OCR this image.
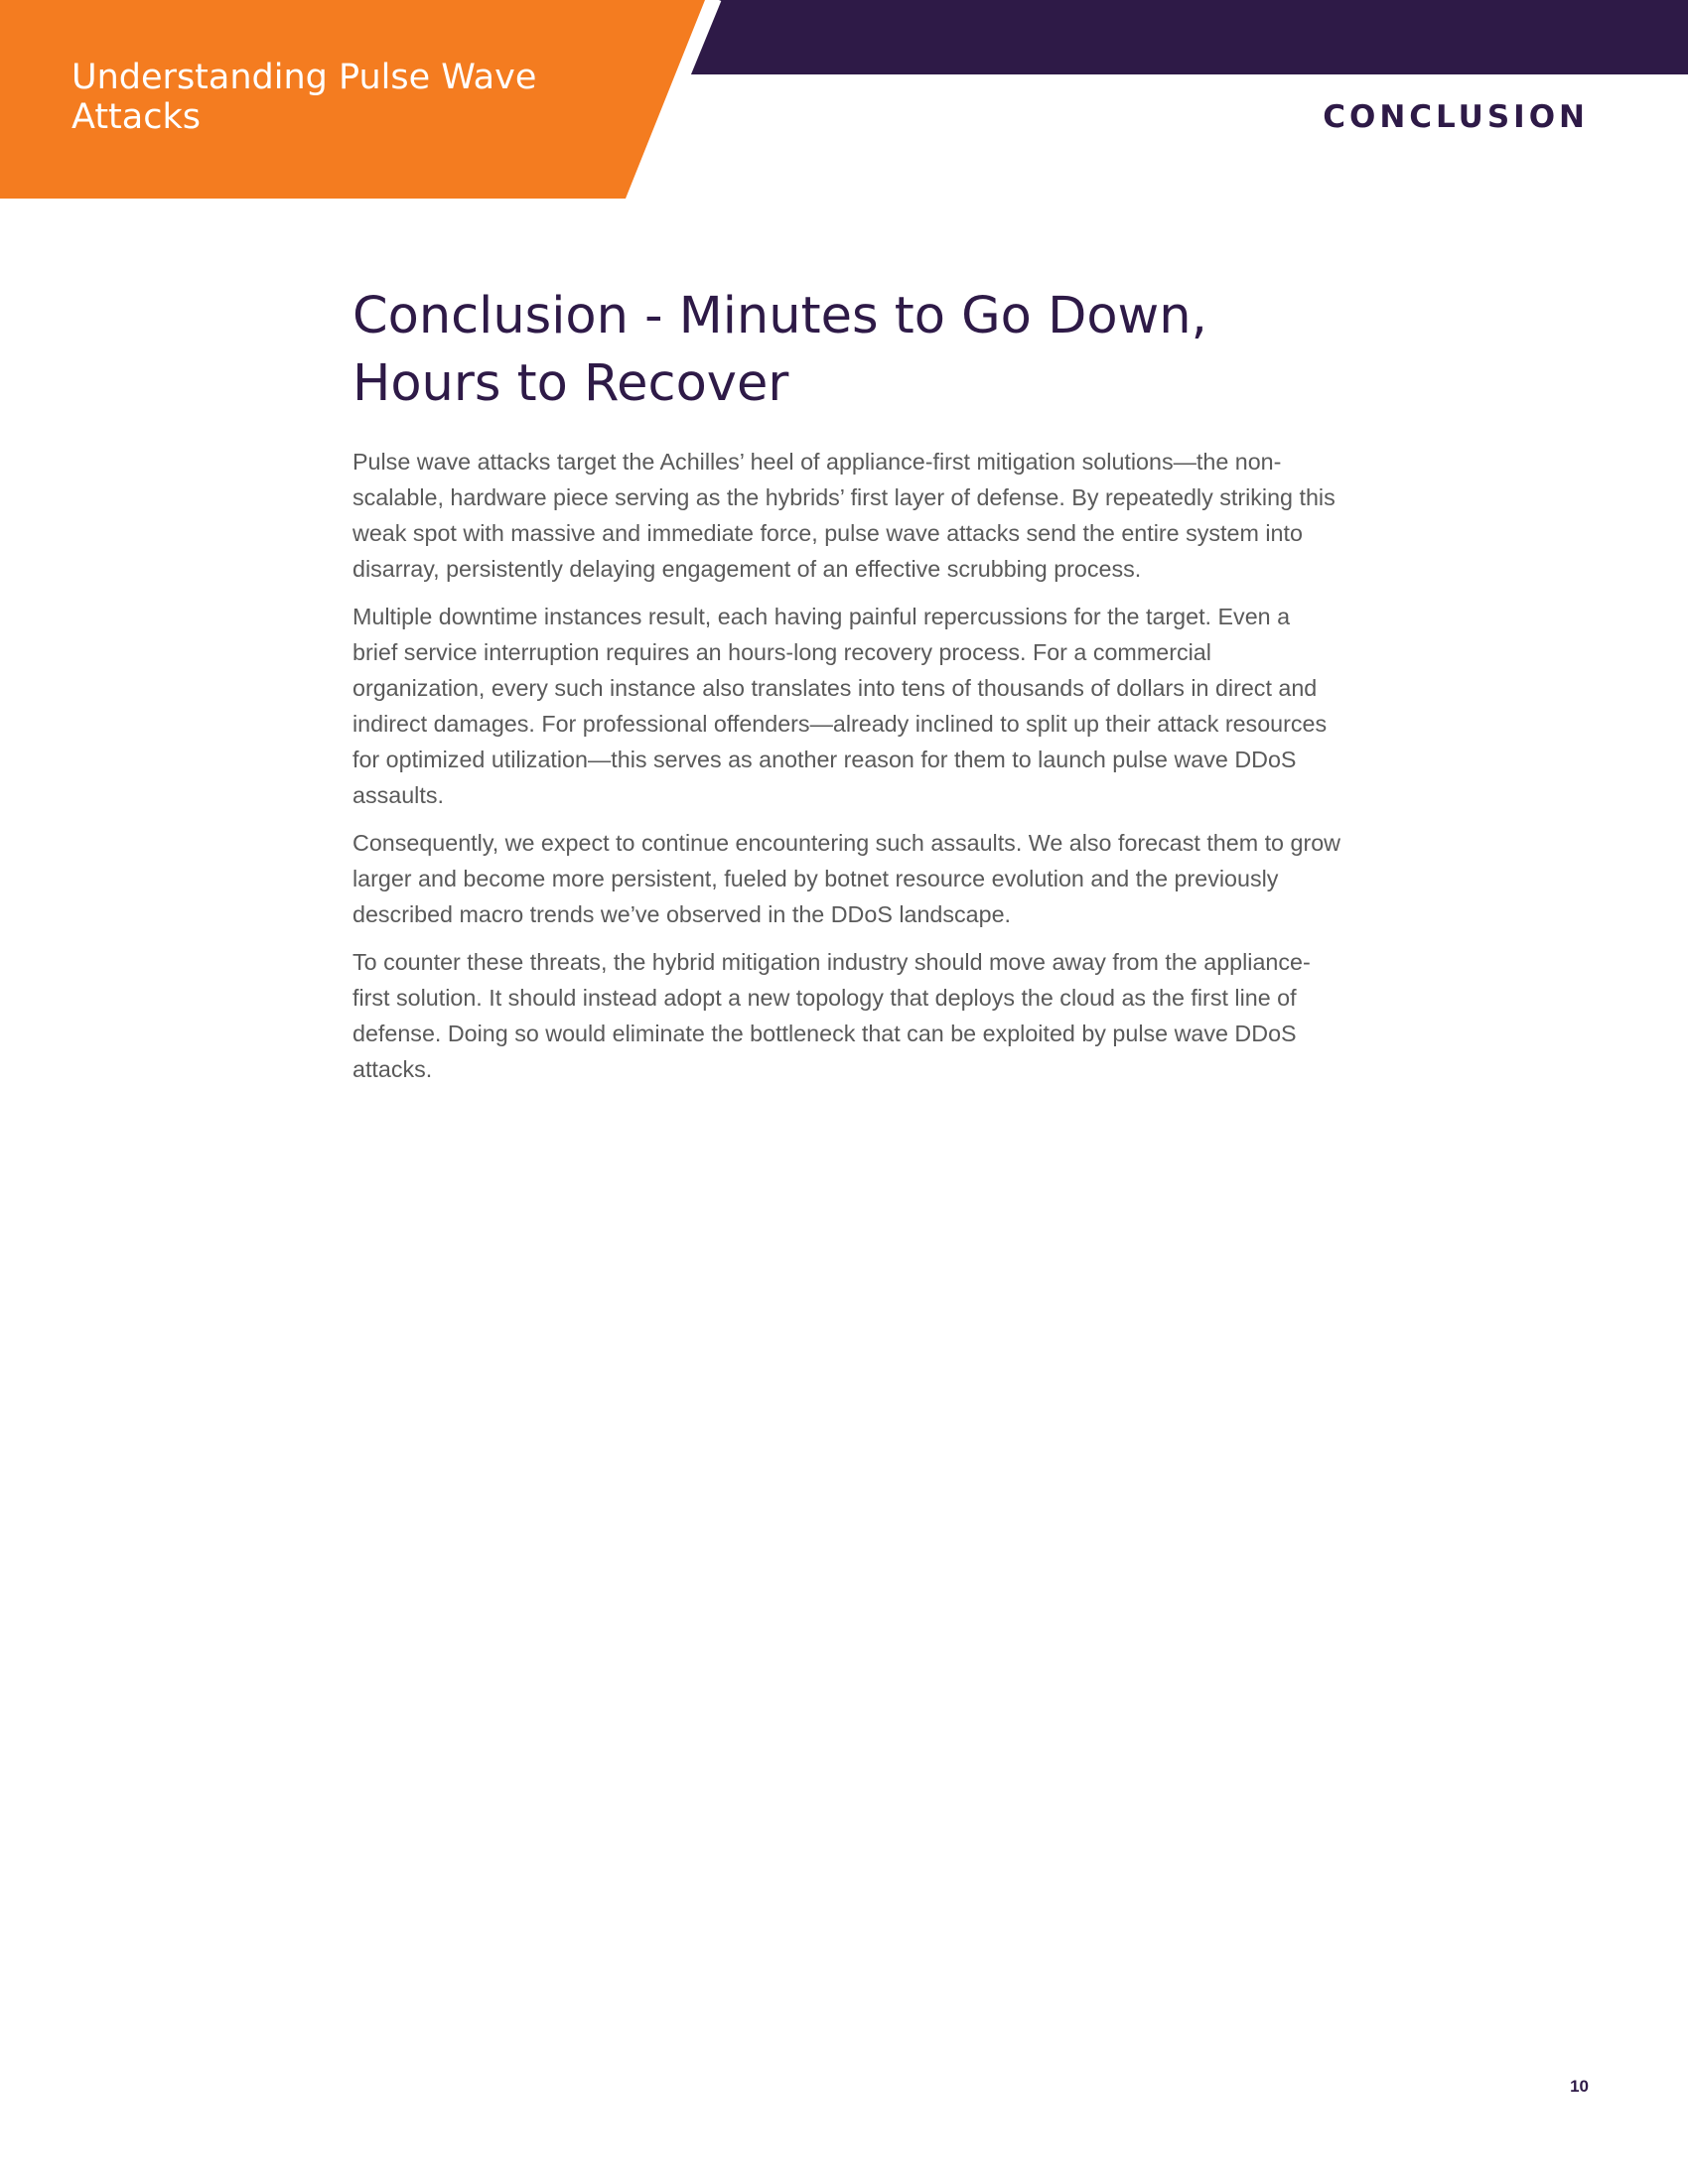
Understanding Pulse Wave Attacks	CONCLUSION
Conclusion - Minutes to Go Down, Hours to Recover

Pulse wave attacks target the Achilles’ heel of appliance-first mitigation solutions—the non-scalable, hardware piece serving as the hybrids’ first layer of defense. By repeatedly striking this weak spot with massive and immediate force, pulse wave attacks send the entire system into disarray, persistently delaying engagement of an effective scrubbing process.

Multiple downtime instances result, each having painful repercussions for the target. Even a brief service interruption requires an hours-long recovery process. For a commercial organization, every such instance also translates into tens of thousands of dollars in direct and indirect damages. For professional offenders—already inclined to split up their attack resources for optimized utilization—this serves as another reason for them to launch pulse wave DDoS assaults.

Consequently, we expect to continue encountering such assaults. We also forecast them to grow larger and become more persistent, fueled by botnet resource evolution and the previously described macro trends we’ve observed in the DDoS landscape.

To counter these threats, the hybrid mitigation industry should move away from the appliance-first solution. It should instead adopt a new topology that deploys the cloud as the first line of defense. Doing so would eliminate the bottleneck that can be exploited by pulse wave DDoS attacks.

10
